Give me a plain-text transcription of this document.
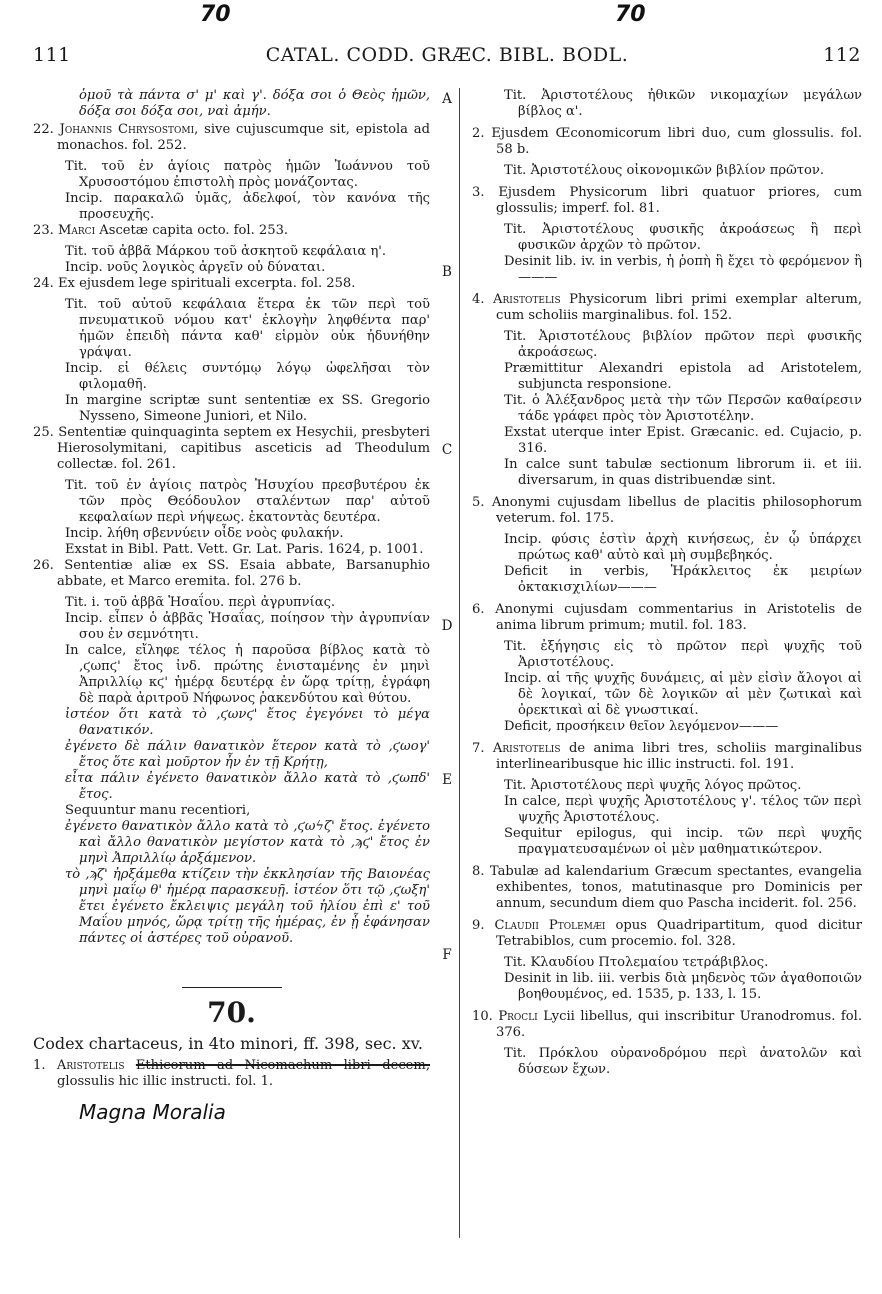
70	70
111	CATAL. CODD. GRÆC. BIBL. BODL.	112
A
B
C
D
E
F

ὁμοῦ τὰ πάντα σ' μ' καὶ γ'. δόξα σοι ὁ Θεὸς ἡμῶν, δόξα σοι δόξα σοι, ναὶ ἀμήν.

22. Johannis Chrysostomi, sive cujuscumque sit, epistola ad monachos. fol. 252.

Tit. τοῦ ἐν ἁγίοις πατρὸς ἡμῶν Ἰωάννου τοῦ Χρυσοστόμου ἐπιστολὴ πρὸς μονάζοντας.

Incip. παρακαλῶ ὑμᾶς, ἀδελφοί, τὸν κανόνα τῆς προσευχῆς.

23. Marci Ascetæ capita octo. fol. 253.

Tit. τοῦ ἀββᾶ Μάρκου τοῦ ἀσκητοῦ κεφάλαια η'.

Incip. νοῦς λογικὸς ἀργεῖν οὐ δύναται.

24. Ex ejusdem lege spirituali excerpta. fol. 258.

Tit. τοῦ αὐτοῦ κεφάλαια ἕτερα ἐκ τῶν περὶ τοῦ πνευματικοῦ νόμου κατ' ἐκλογὴν ληφθέντα παρ' ἡμῶν ἐπειδὴ πάντα καθ' εἱρμὸν οὐκ ἠδυνήθην γράψαι.

Incip. εἰ θέλεις συντόμῳ λόγῳ ὠφελῆσαι τὸν φιλομαθῆ.

In margine scriptæ sunt sententiæ ex SS. Gregorio Nysseno, Simeone Juniori, et Nilo.

25. Sententiæ quinquaginta septem ex Hesychii, presbyteri Hierosolymitani, capitibus asceticis ad Theodulum collectæ. fol. 261.

Tit. τοῦ ἐν ἁγίοις πατρὸς Ἡσυχίου πρεσβυτέρου ἐκ τῶν πρὸς Θεόδουλον σταλέντων παρ' αὐτοῦ κεφαλαίων περὶ νήψεως. ἑκατοντὰς δευτέρα.

Incip. λήθη σβεννύειν οἶδε νοὸς φυλακήν.

Exstat in Bibl. Patt. Vett. Gr. Lat. Paris. 1624, p. 1001.

26. Sententiæ aliæ ex SS. Esaia abbate, Barsanuphio abbate, et Marco eremita. fol. 276 b.

Tit. i. τοῦ ἀββᾶ Ἡσαΐου. περὶ ἀγρυπνίας.

Incip. εἶπεν ὁ ἀββᾶς Ἡσαΐας, ποίησον τὴν ἀγρυπνίαν σου ἐν σεμνότητι.

In calce, εἴληφε τέλος ἡ παροῦσα βίβλος κατὰ τὸ ‚ϛωπϛ' ἔτος ἰνδ. πρώτης ἐνισταμένης ἐν μηνὶ Ἀπριλλίῳ κϛ' ἡμέρᾳ δευτέρᾳ ἐν ὥρᾳ τρίτῃ, ἐγράφη δὲ παρὰ ἀριτροῦ Νήφωνος ῥακενδύτου καὶ θύτου.

ἰστέον ὅτι κατὰ τὸ ‚ϛωνϛ' ἔτος ἐγεγόνει τὸ μέγα θανατικόν.

ἐγένετο δὲ πάλιν θανατικὸν ἕτερον κατὰ τὸ ‚ϛωογ' ἔτος ὅτε καὶ μοῦρτον ἦν ἐν τῇ Κρήτῃ,

εἶτα πάλιν ἐγένετο θανατικὸν ἄλλο κατὰ τὸ ‚ϛωπδ' ἔτος.

Sequuntur manu recentiori,

ἐγένετο θανατικὸν ἄλλο κατὰ τὸ ‚ϛωϟζ' ἔτος. ἐγένετο καὶ ἄλλο θανατικὸν μεγίστον κατὰ τὸ ‚ϡϛ' ἔτος ἐν μηνὶ Ἀπριλλίῳ ἀρξάμενον.

τὸ ‚ϡζ' ἠρξάμεθα κτίζειν τὴν ἐκκλησίαν τῆς Βαιονέας μηνὶ μαΐῳ θ' ἡμέρᾳ παρασκευῇ. ἰστέον ὅτι τῷ ‚ϛωξη' ἔτει ἐγένετο ἔκλειψις μεγάλη τοῦ ἡλίου ἐπὶ ε' τοῦ Μαΐου μηνός, ὥρᾳ τρίτῃ τῆς ἡμέρας, ἐν ᾗ ἐφάνησαν πάντες οἱ ἀστέρες τοῦ οὐρανοῦ.

70.

Codex chartaceus, in 4to minori, ff. 398, sec. xv.

1. Aristotelis Ethicorum ad Nicomachum libri decem, glossulis hic illic instructi. fol. 1.

Magna Moralia

Tit. Ἀριστοτέλους ἠθικῶν νικομαχίων μεγάλων βίβλος α'.

2. Ejusdem Œconomicorum libri duo, cum glossulis. fol. 58 b.

Tit. Ἀριστοτέλους οἰκονομικῶν βιβλίον πρῶτον.

3. Ejusdem Physicorum libri quatuor priores, cum glossulis; imperf. fol. 81.

Tit. Ἀριστοτέλους φυσικῆς ἀκροάσεως ἢ περὶ φυσικῶν ἀρχῶν τὸ πρῶτον.

Desinit lib. iv. in verbis, ἡ ῥοπὴ ἣ ἔχει τὸ φερόμενον ἢ———

4. Aristotelis Physicorum libri primi exemplar alterum, cum scholiis marginalibus. fol. 152.

Tit. Ἀριστοτέλους βιβλίον πρῶτον περὶ φυσικῆς ἀκροάσεως.

Præmittitur Alexandri epistola ad Aristotelem, subjuncta responsione.

Tit. ὁ Ἀλέξανδρος μετὰ τὴν τῶν Περσῶν καθαίρεσιν τάδε γράφει πρὸς τὸν Ἀριστοτέλην.

Exstat uterque inter Epist. Græcanic. ed. Cujacio, p. 316.

In calce sunt tabulæ sectionum librorum ii. et iii. diversarum, in quas distribuendæ sint.

5. Anonymi cujusdam libellus de placitis philosophorum veterum. fol. 175.

Incip. φύσις ἐστὶν ἀρχὴ κινήσεως, ἐν ᾧ ὑπάρχει πρώτως καθ' αὐτὸ καὶ μὴ συμβεβηκός.

Deficit in verbis, Ἡράκλειτος ἐκ μειρίων ὀκτακισχιλίων———

6. Anonymi cujusdam commentarius in Aristotelis de anima librum primum; mutil. fol. 183.

Tit. ἐξήγησις εἰς τὸ πρῶτον περὶ ψυχῆς τοῦ Ἀριστοτέλους.

Incip. αἱ τῆς ψυχῆς δυνάμεις, αἱ μὲν εἰσὶν ἄλογοι αἱ δὲ λογικαί, τῶν δὲ λογικῶν αἱ μὲν ζωτικαὶ καὶ ὀρεκτικαὶ αἱ δὲ γνωστικαί.

Deficit, προσήκειν θεῖον λεγόμενον———

7. Aristotelis de anima libri tres, scholiis marginalibus interlinearibusque hic illic instructi. fol. 191.

Tit. Ἀριστοτέλους περὶ ψυχῆς λόγος πρῶτος.

In calce, περὶ ψυχῆς Ἀριστοτέλους γ'. τέλος τῶν περὶ ψυχῆς Ἀριστοτέλους.

Sequitur epilogus, qui incip. τῶν περὶ ψυχῆς πραγματευσαμένων οἱ μὲν μαθηματικώτερον.

8. Tabulæ ad kalendarium Græcum spectantes, evangelia exhibentes, tonos, matutinasque pro Dominicis per annum, secundum diem quo Pascha inciderit. fol. 256.

9. Claudii Ptolemæi opus Quadripartitum, quod dicitur Tetrabiblos, cum procemio. fol. 328.

Tit. Κλαυδίου Πτολεμαίου τετράβιβλος.

Desinit in lib. iii. verbis διὰ μηδενὸς τῶν ἀγαθοποιῶν βοηθουμένος, ed. 1535, p. 133, l. 15.

10. Procli Lycii libellus, qui inscribitur Uranodromus. fol. 376.

Tit. Πρόκλου οὐρανοδρόμου περὶ ἀνατολῶν καὶ δύσεων ἔχων.
